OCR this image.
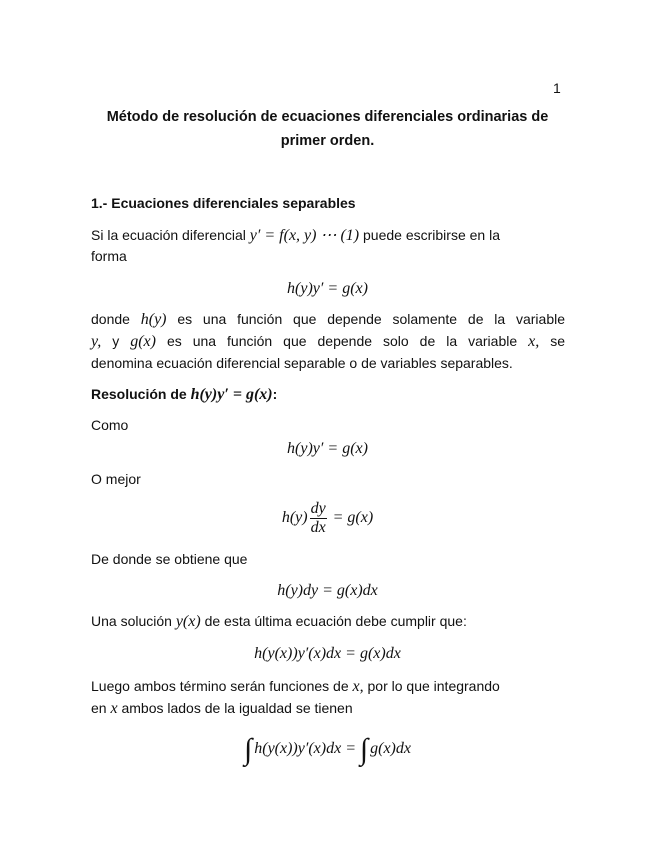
1
Método de resolución de ecuaciones diferenciales ordinarias de
primer orden.
1.- Ecuaciones diferenciales separables
Si la ecuación diferencial y′ = f(x, y) ⋯ (1) puede escribirse en la
forma
h(y)y′ = g(x)
donde h(y) es una función que depende solamente de la variable
y, y g(x) es una función que depende solo de la variable x, se
denomina ecuación diferencial separable o de variables separables.
Resolución de h(y)y′ = g(x):
Como
h(y)y′ = g(x)
O mejor
$h(y) \frac{dy}{dx} = g(x)$
De donde se obtiene que
h(y)dy = g(x)dx
Una solución y(x) de esta última ecuación debe cumplir que:
h(y(x))y′(x)dx = g(x)dx
Luego ambos término serán funciones de x, por lo que integrando
en x ambos lados de la igualdad se tienen
∫ h(y(x))y′(x)dx = ∫ g(x)dx
